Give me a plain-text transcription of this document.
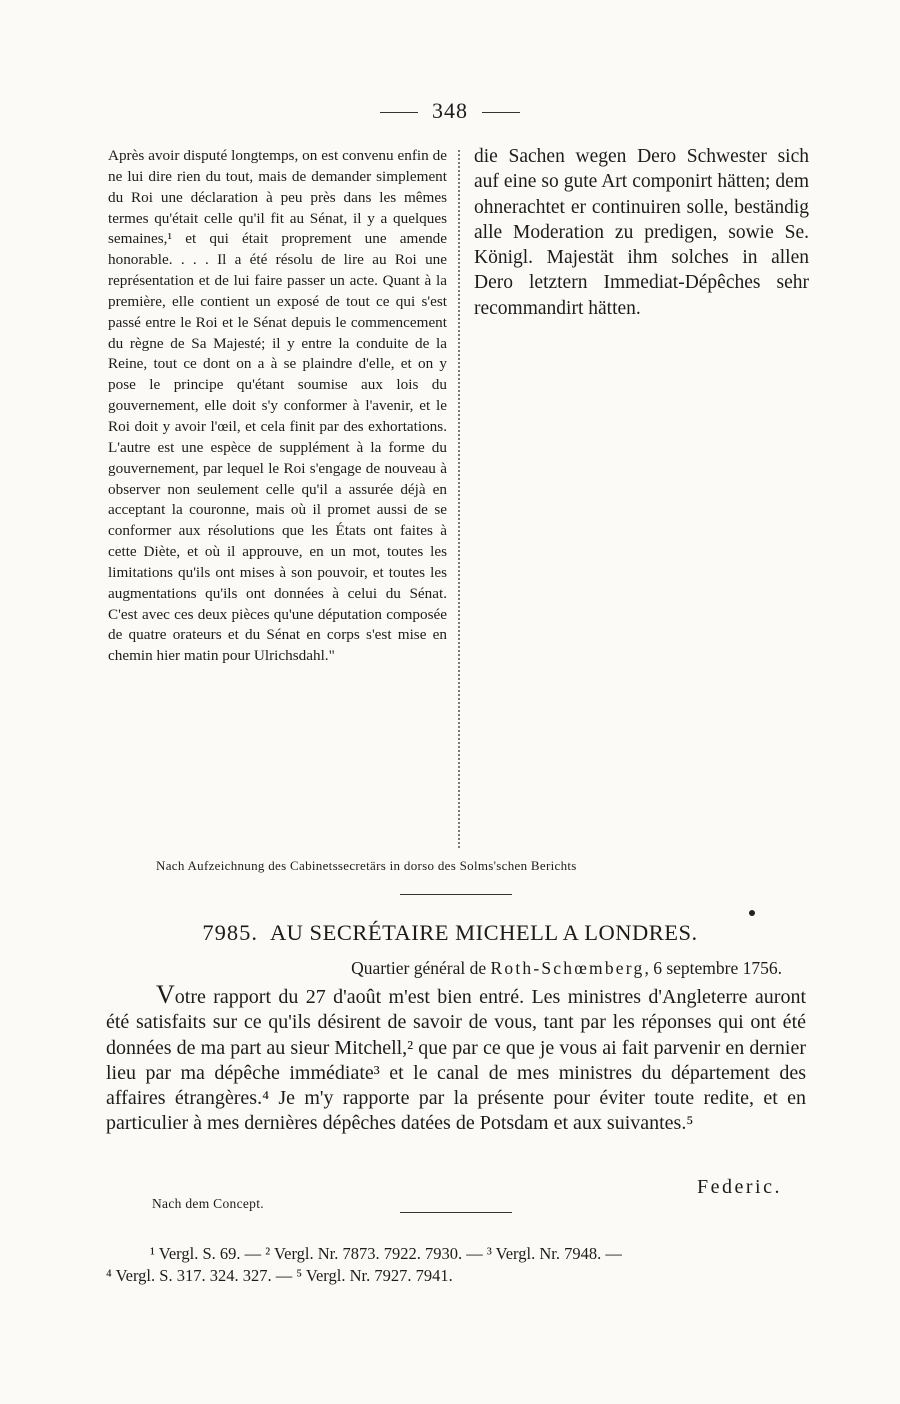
348

Après avoir disputé longtemps, on est convenu enfin de ne lui dire rien du tout, mais de demander simplement du Roi une déclaration à peu près dans les mêmes termes qu'était celle qu'il fit au Sénat, il y a quelques semaines,¹ et qui était proprement une amende honorable. . . . Il a été résolu de lire au Roi une représentation et de lui faire passer un acte. Quant à la première, elle contient un exposé de tout ce qui s'est passé entre le Roi et le Sénat depuis le commencement du règne de Sa Majesté; il y entre la conduite de la Reine, tout ce dont on a à se plaindre d'elle, et on y pose le principe qu'étant soumise aux lois du gouvernement, elle doit s'y conformer à l'avenir, et le Roi doit y avoir l'œil, et cela finit par des exhortations. L'autre est une espèce de supplément à la forme du gouvernement, par lequel le Roi s'engage de nouveau à observer non seulement celle qu'il a assurée déjà en acceptant la couronne, mais où il promet aussi de se conformer aux résolutions que les États ont faites à cette Diète, et où il approuve, en un mot, toutes les limitations qu'ils ont mises à son pouvoir, et toutes les augmentations qu'ils ont données à celui du Sénat. C'est avec ces deux pièces qu'une députation composée de quatre orateurs et du Sénat en corps s'est mise en chemin hier matin pour Ulrichsdahl."

die Sachen wegen Dero Schwester sich auf eine so gute Art componirt hätten; dem ohnerachtet er continuiren solle, beständig alle Moderation zu predigen, sowie Se. Königl. Majestät ihm solches in allen Dero letztern Immediat-Dépêches sehr recommandirt hätten.

Nach Aufzeichnung des Cabinetssecretärs in dorso des Solms'schen Berichts
7985. AU SECRÉTAIRE MICHELL A LONDRES.
Quartier général de Roth-Schœmberg, 6 septembre 1756.

Votre rapport du 27 d'août m'est bien entré. Les ministres d'Angleterre auront été satisfaits sur ce qu'ils désirent de savoir de vous, tant par les réponses qui ont été données de ma part au sieur Mitchell,² que par ce que je vous ai fait parvenir en dernier lieu par ma dépêche immédiate³ et le canal de mes ministres du département des affaires étrangères.⁴ Je m'y rapporte par la présente pour éviter toute redite, et en particulier à mes dernières dépêches datées de Potsdam et aux suivantes.⁵

Federic.
Nach dem Concept.

¹ Vergl. S. 69. — ² Vergl. Nr. 7873. 7922. 7930. — ³ Vergl. Nr. 7948. —

⁴ Vergl. S. 317. 324. 327. — ⁵ Vergl. Nr. 7927. 7941.
